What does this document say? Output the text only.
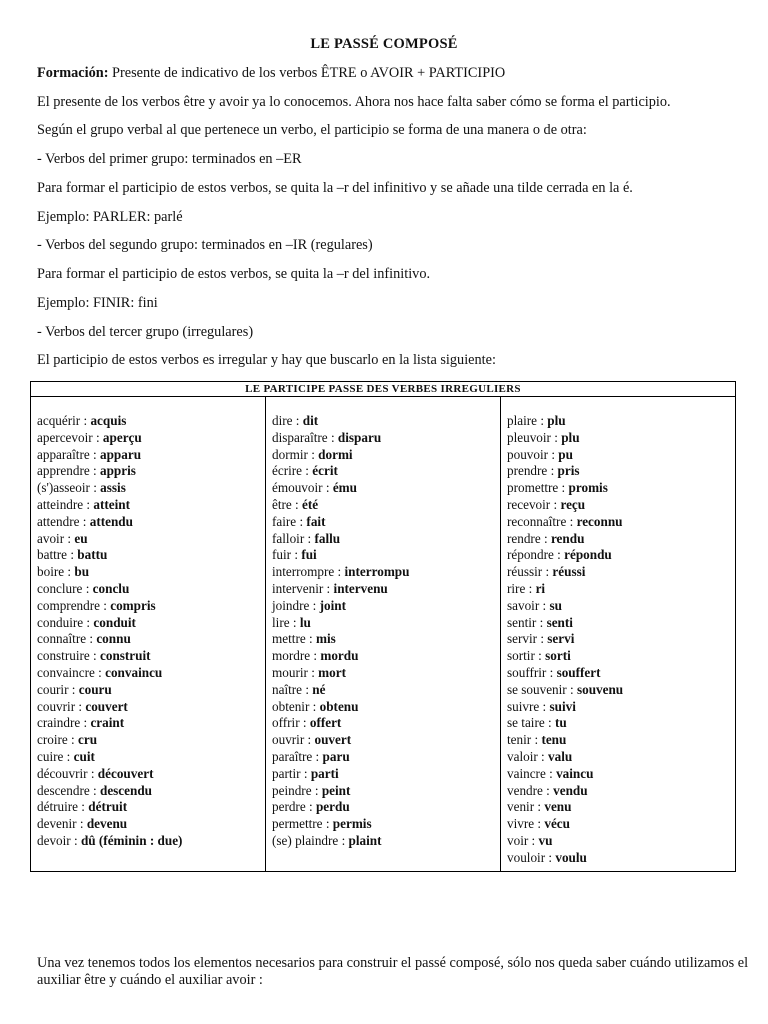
LE PASSÉ COMPOSÉ
Formación: Presente de indicativo de los verbos ÊTRE o AVOIR + PARTICIPIO
El presente de los verbos être y avoir ya lo conocemos. Ahora nos hace falta saber cómo se forma el participio.
Según el grupo verbal al que pertenece un verbo, el participio se forma de una manera o de otra:
- Verbos del primer grupo: terminados en –ER
Para formar el participio de estos verbos, se quita la –r del infinitivo y se añade una tilde cerrada en la é.
Ejemplo: PARLER: parlé
- Verbos del segundo grupo: terminados en –IR (regulares)
Para formar el participio de estos verbos, se quita la –r del infinitivo.
Ejemplo: FINIR: fini
- Verbos del tercer grupo (irregulares)
El participio de estos verbos es irregular y hay que buscarlo en la lista siguiente:
LE PARTICIPE PASSE DES VERBES IRREGULIERS

acquérir : acquis
apercevoir : aperçu
apparaître : apparu
apprendre : appris
(s')asseoir : assis
atteindre : atteint
attendre : attendu
avoir : eu
battre : battu
boire : bu
conclure : conclu
comprendre : compris
conduire : conduit
connaître : connu
construire : construit
convaincre : convaincu
courir : couru
couvrir : couvert
craindre : craint
croire : cru
cuire : cuit
découvrir : découvert
descendre : descendu
détruire : détruit
devenir : devenu
devoir : dû (féminin : due)

dire : dit
disparaître : disparu
dormir : dormi
écrire : écrit
émouvoir : ému
être : été
faire : fait
falloir : fallu
fuir : fui
interrompre : interrompu
intervenir : intervenu
joindre : joint
lire : lu
mettre : mis
mordre : mordu
mourir : mort
naître : né
obtenir : obtenu
offrir : offert
ouvrir : ouvert
paraître : paru
partir : parti
peindre : peint
perdre : perdu
permettre : permis
(se) plaindre : plaint

plaire : plu
pleuvoir : plu
pouvoir : pu
prendre : pris
promettre : promis
recevoir : reçu
reconnaître : reconnu
rendre : rendu
répondre : répondu
réussir : réussi
rire : ri
savoir : su
sentir : senti
servir : servi
sortir : sorti
souffrir : souffert
se souvenir : souvenu
suivre : suivi
se taire : tu
tenir : tenu
valoir : valu
vaincre : vaincu
vendre : vendu
venir : venu
vivre : vécu
voir : vu
vouloir : voulu
Una vez tenemos todos los elementos necesarios para construir el passé composé, sólo nos queda saber cuándo utilizamos el auxiliar être y cuándo el auxiliar avoir :
